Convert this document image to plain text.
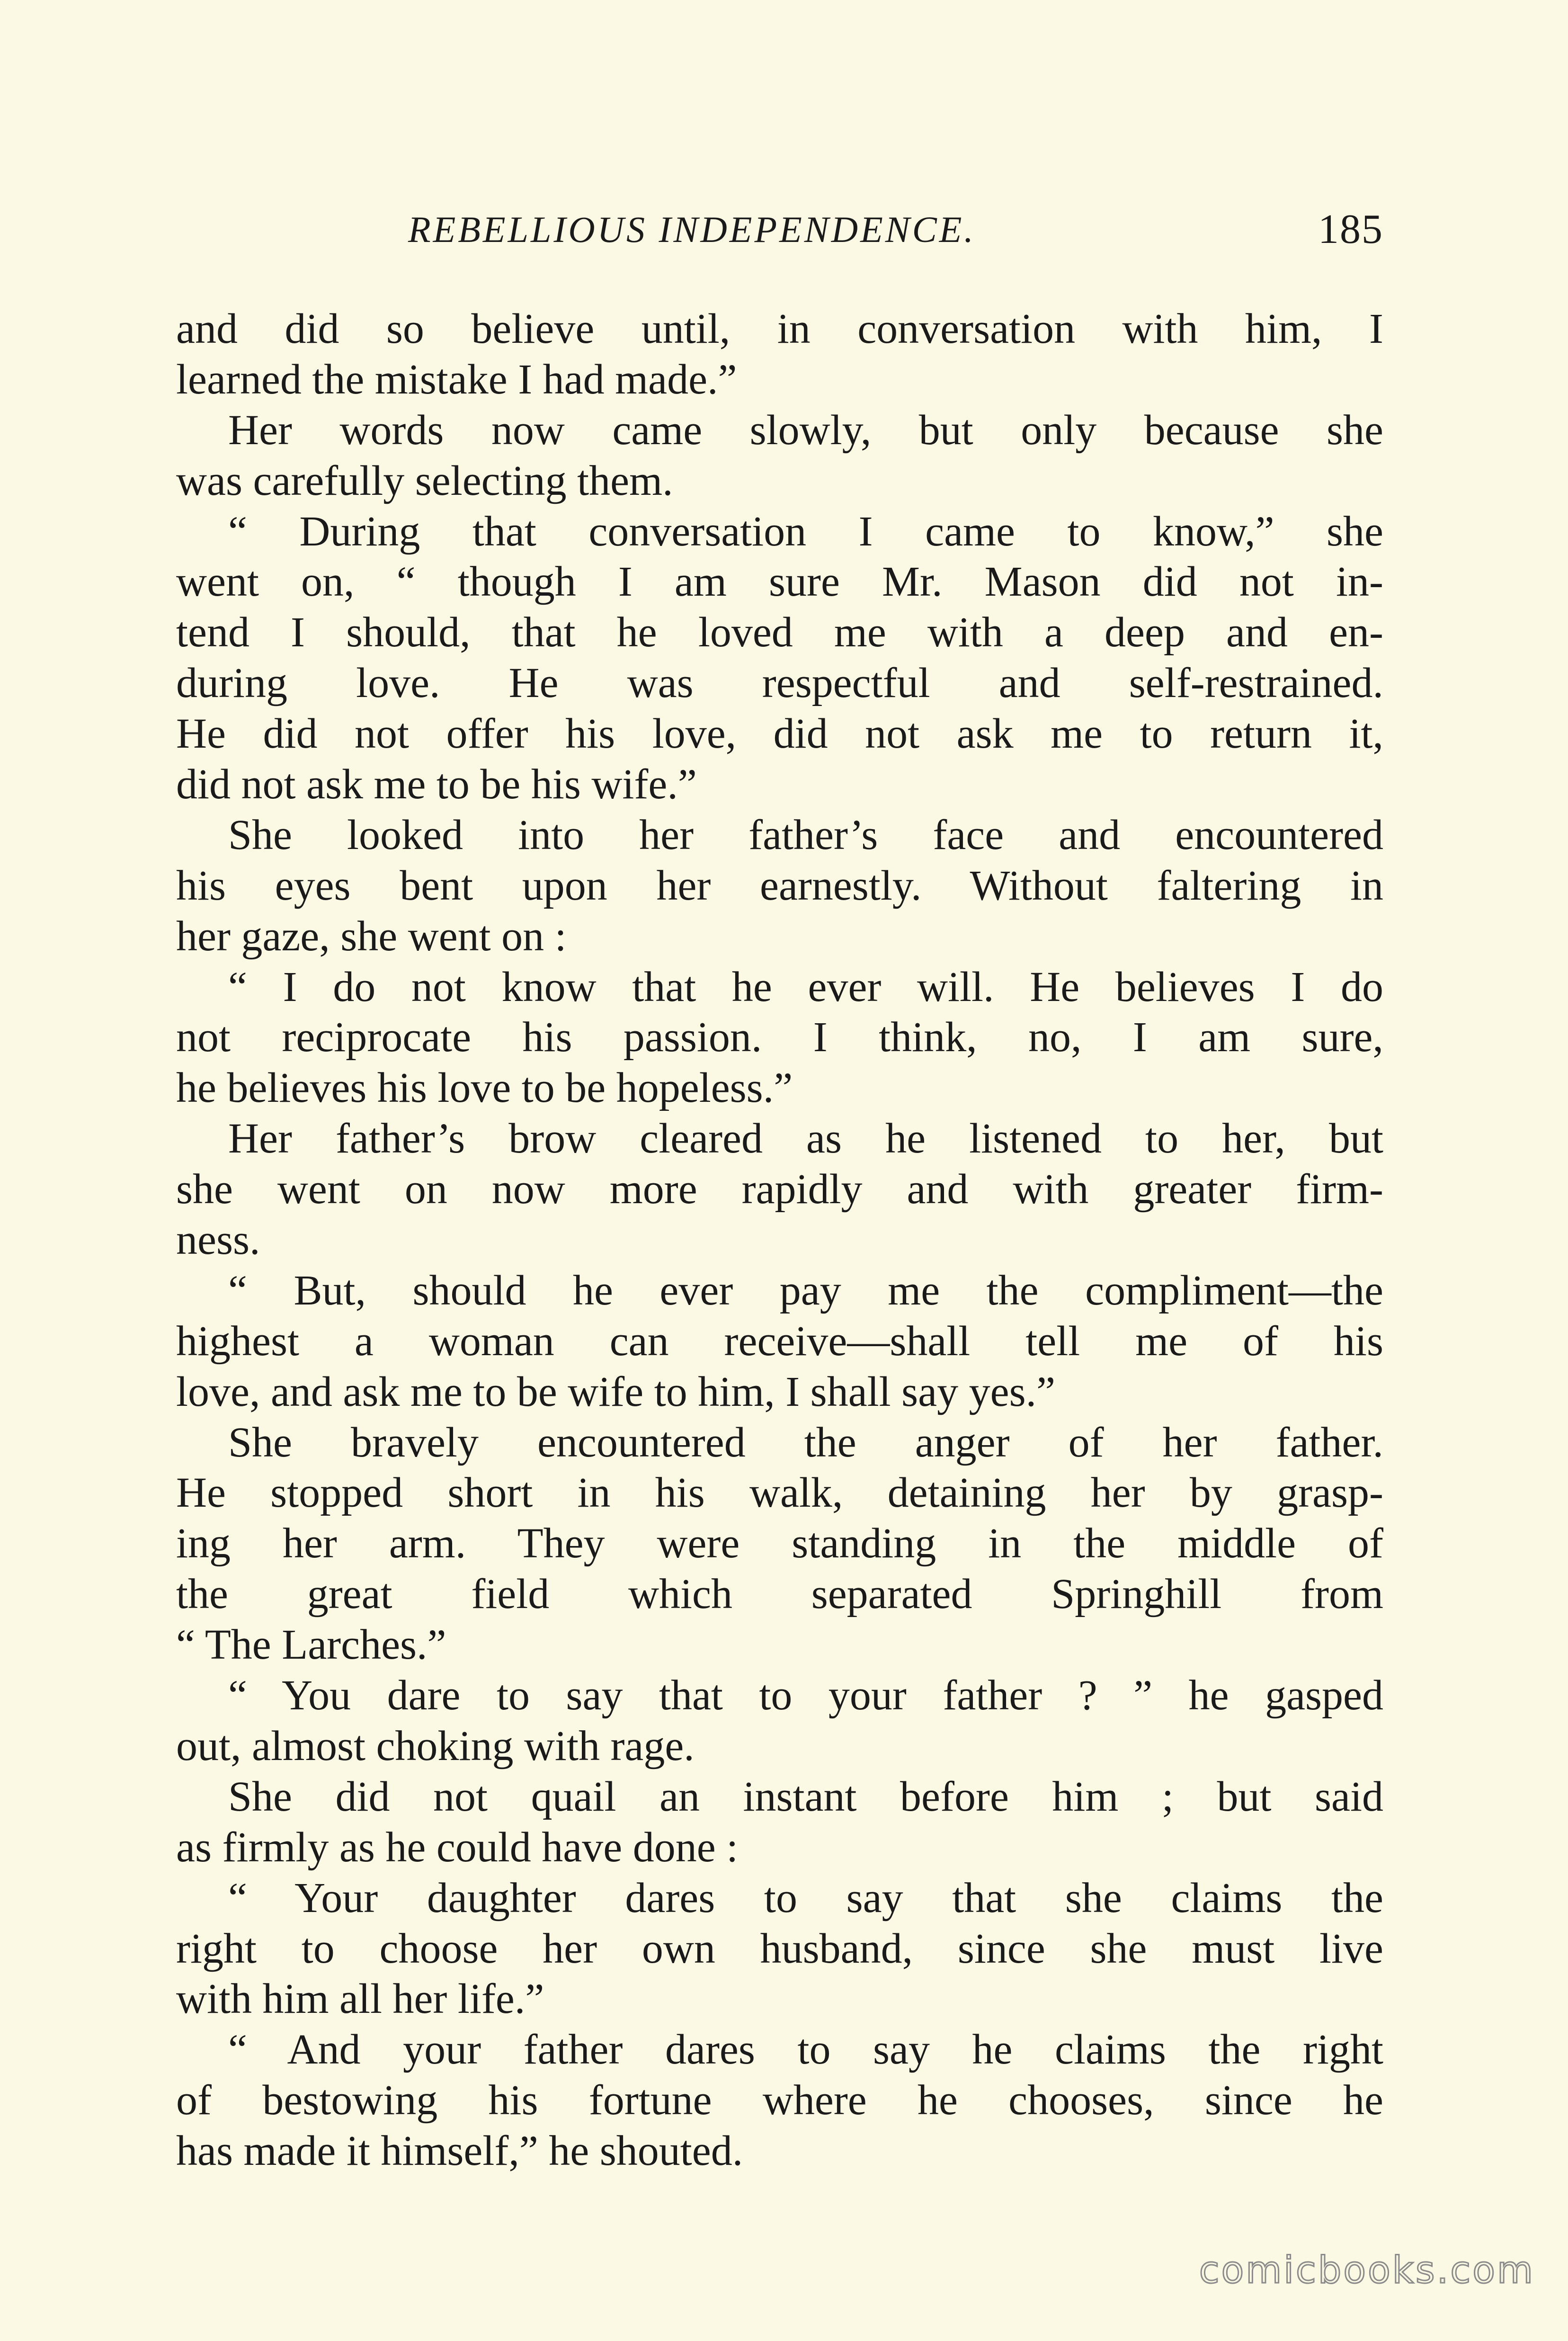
REBELLIOUS INDEPENDENCE.	185
and did so believe until, in conversation with him, I
learned the mistake I had made.”
Her words now came slowly, but only because she
was carefully selecting them.
“ During that conversation I came to know,” she
went on, “ though I am sure Mr. Mason did not in-
tend I should, that he loved me with a deep and en-
during love. He was respectful and self-restrained.
He did not offer his love, did not ask me to return it,
did not ask me to be his wife.”
She looked into her father’s face and encountered
his eyes bent upon her earnestly. Without faltering in
her gaze, she went on :
“ I do not know that he ever will. He believes I do
not reciprocate his passion. I think, no, I am sure,
he believes his love to be hopeless.”
Her father’s brow cleared as he listened to her, but
she went on now more rapidly and with greater firm-
ness.
“ But, should he ever pay me the compliment—the
highest a woman can receive—shall tell me of his
love, and ask me to be wife to him, I shall say yes.”
She bravely encountered the anger of her father.
He stopped short in his walk, detaining her by grasp-
ing her arm. They were standing in the middle of
the great field which separated Springhill from
“ The Larches.”
“ You dare to say that to your father ? ” he gasped
out, almost choking with rage.
She did not quail an instant before him ; but said
as firmly as he could have done :
“ Your daughter dares to say that she claims the
right to choose her own husband, since she must live
with him all her life.”
“ And your father dares to say he claims the right
of bestowing his fortune where he chooses, since he
has made it himself,” he shouted.
comicbooks.com
